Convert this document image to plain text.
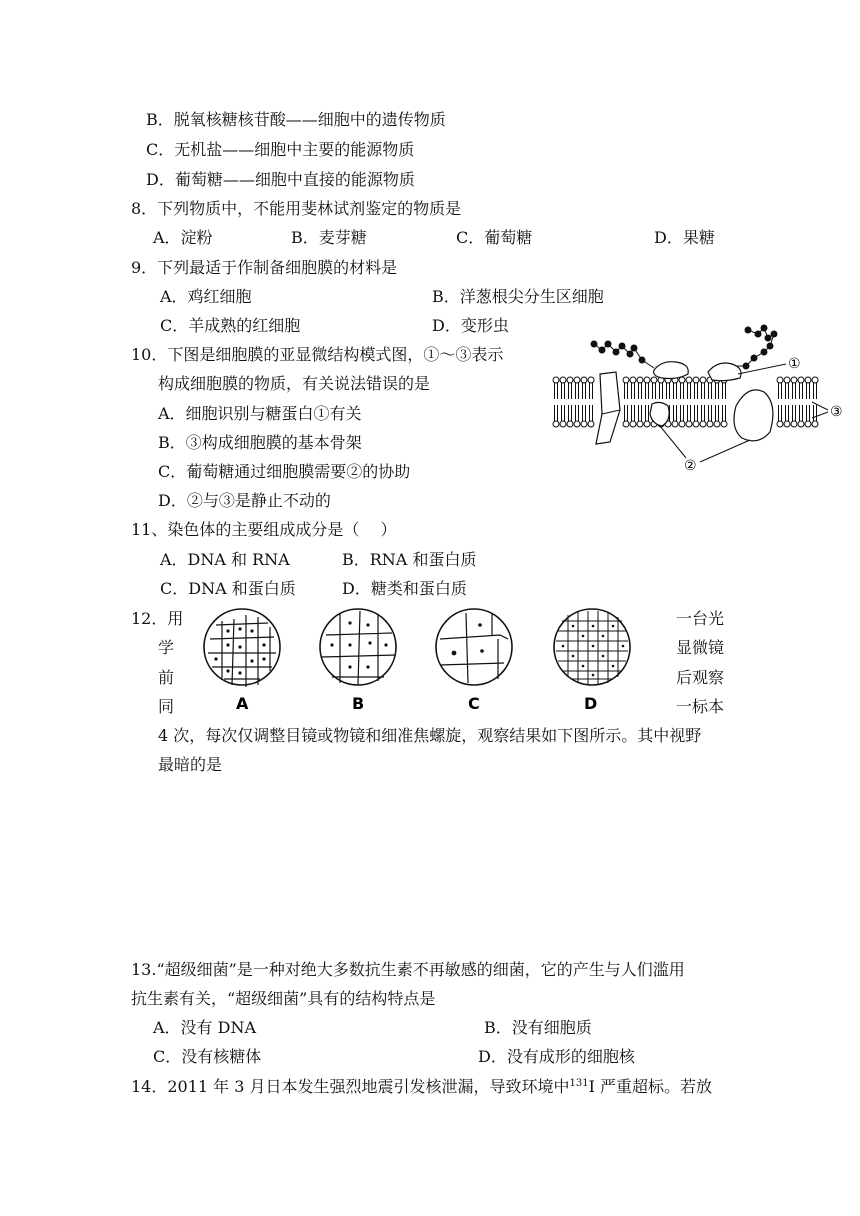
B．脱氧核糖核苷酸——细胞中的遗传物质
C．无机盐——细胞中主要的能源物质
D．葡萄糖——细胞中直接的能源物质
8．下列物质中，不能用斐林试剂鉴定的物质是
A．淀粉	B．麦芽糖	C．葡萄糖	D．果糖
9．下列最适于作制备细胞膜的材料是
A．鸡红细胞	B．洋葱根尖分生区细胞
C．羊成熟的红细胞	D．变形虫
10．下图是细胞膜的亚显微结构模式图，①～③表示
构成细胞膜的物质，有关说法错误的是
A．细胞识别与糖蛋白①有关
B．③构成细胞膜的基本骨架
C．葡萄糖通过细胞膜需要②的协助
D．②与③是静止不动的
①
②
③
11、染色体的主要组成成分是（　 ）
A．DNA 和 RNA	B．RNA 和蛋白质
C．DNA 和蛋白质	D．糖类和蛋白质
12．用
学
前
同
一台光
显微镜
后观察
一标本
A	B	C	D
4 次，每次仅调整目镜或物镜和细准焦螺旋，观察结果如下图所示。其中视野
最暗的是
13.“超级细菌”是一种对绝大多数抗生素不再敏感的细菌，它的产生与人们滥用
抗生素有关，“超级细菌”具有的结构特点是
A．没有 DNA	B．没有细胞质
C．没有核糖体	D．没有成形的细胞核
14．2011 年 3 月日本发生强烈地震引发核泄漏，导致环境中$^{131}$I 严重超标。若放
